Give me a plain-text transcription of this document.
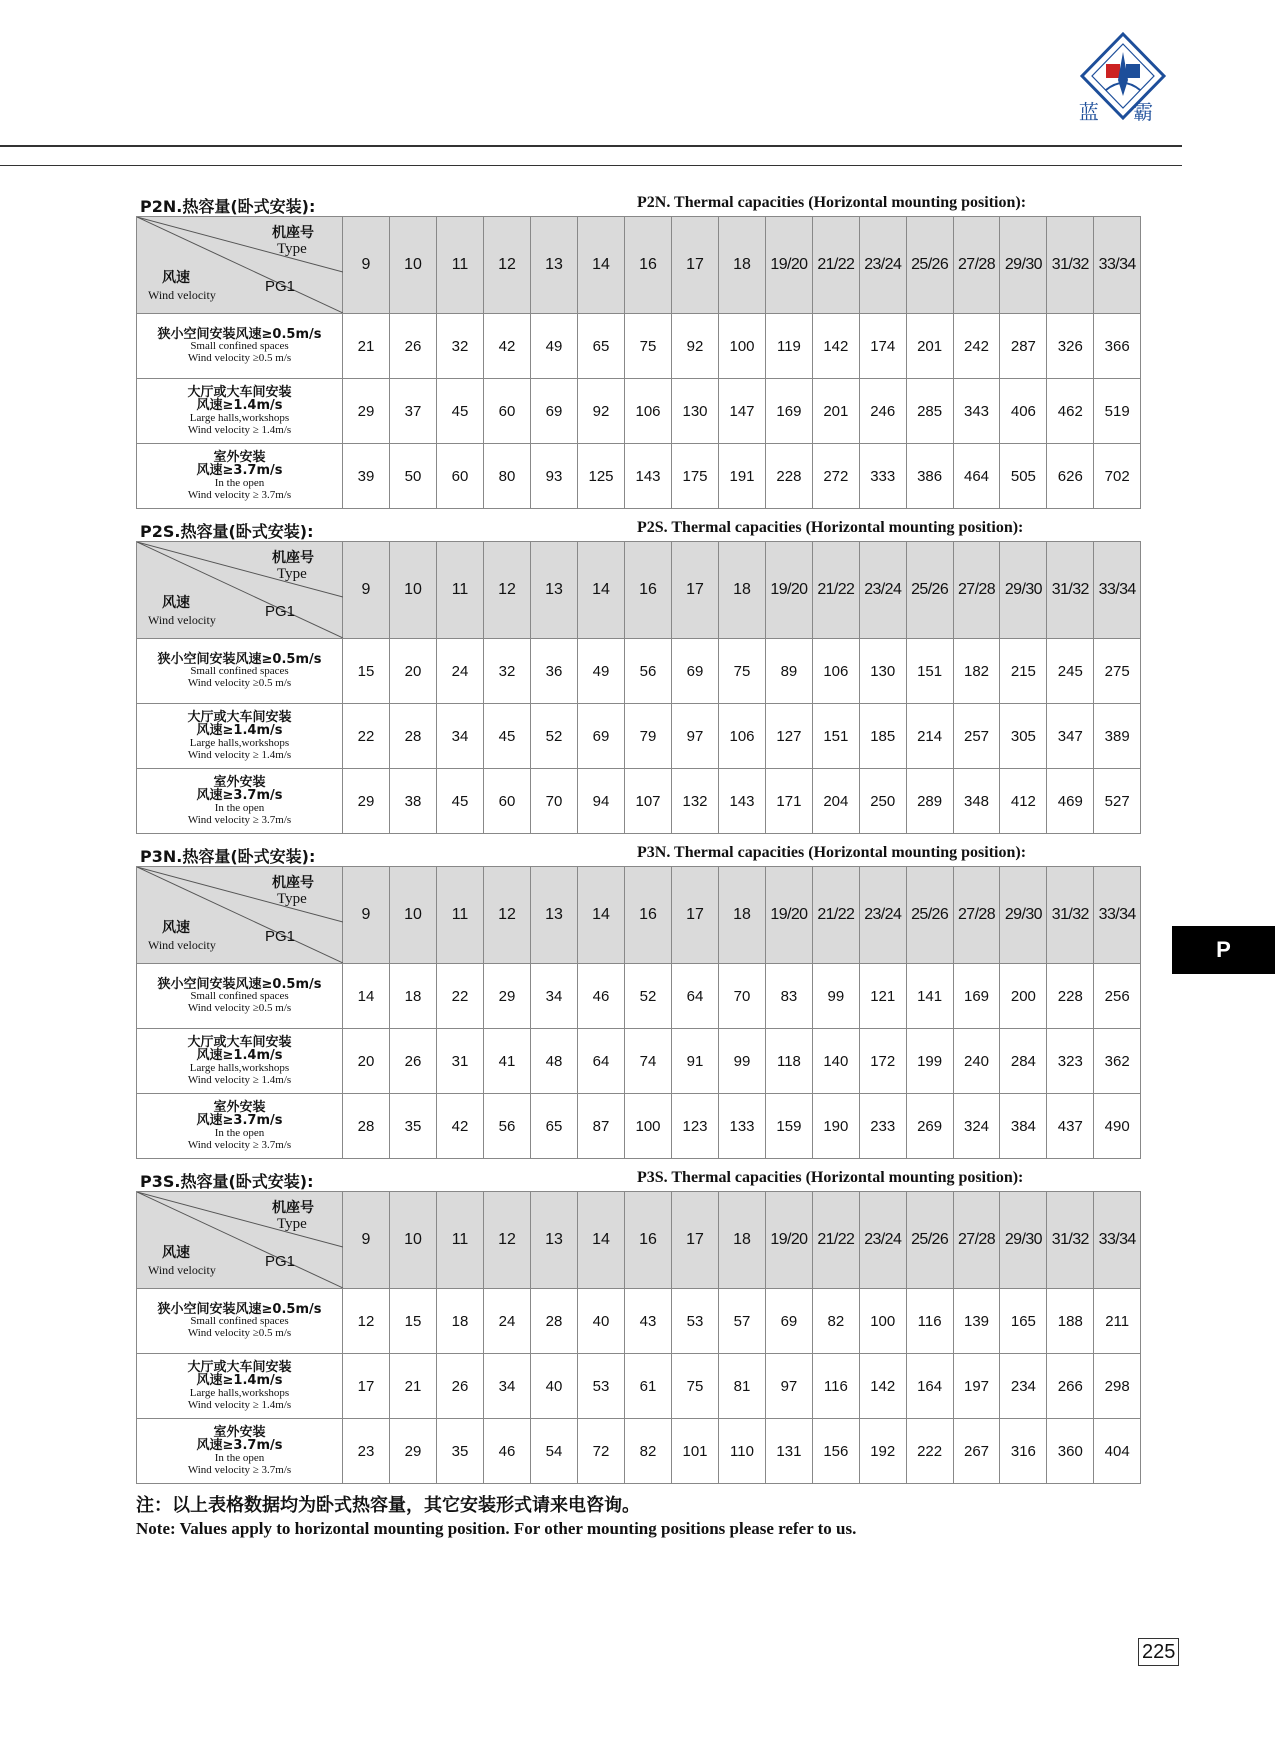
蓝 霸
P2N.热容量(卧式安装):	P2N. Thermal capacities (Horizontal mounting position):
机座号
Type
风速
Wind velocity PG1	9	10	11	12	13	14	16	17	18	19/20	21/22	23/24	25/26	27/28	29/30	31/32	33/34

狭小空间安装风速≥0.5m/s
Small confined spaces
Wind velocity ≥0.5 m/s	21	26	32	42	49	65	75	92	100	119	142	174	201	242	287	326	366

大厅或大车间安装
风速≥1.4m/s
Large halls,workshops
Wind velocity ≥ 1.4m/s	29	37	45	60	69	92	106	130	147	169	201	246	285	343	406	462	519

室外安装
风速≥3.7m/s
In the open
Wind velocity ≥ 3.7m/s	39	50	60	80	93	125	143	175	191	228	272	333	386	464	505	626	702
P2S.热容量(卧式安装):	P2S. Thermal capacities (Horizontal mounting position):
机座号
Type
风速
Wind velocity PG1	9	10	11	12	13	14	16	17	18	19/20	21/22	23/24	25/26	27/28	29/30	31/32	33/34

狭小空间安装风速≥0.5m/s
Small confined spaces
Wind velocity ≥0.5 m/s	15	20	24	32	36	49	56	69	75	89	106	130	151	182	215	245	275

大厅或大车间安装
风速≥1.4m/s
Large halls,workshops
Wind velocity ≥ 1.4m/s	22	28	34	45	52	69	79	97	106	127	151	185	214	257	305	347	389

室外安装
风速≥3.7m/s
In the open
Wind velocity ≥ 3.7m/s	29	38	45	60	70	94	107	132	143	171	204	250	289	348	412	469	527
P3N.热容量(卧式安装):	P3N. Thermal capacities (Horizontal mounting position):
机座号
Type
风速
Wind velocity PG1	9	10	11	12	13	14	16	17	18	19/20	21/22	23/24	25/26	27/28	29/30	31/32	33/34

狭小空间安装风速≥0.5m/s
Small confined spaces
Wind velocity ≥0.5 m/s	14	18	22	29	34	46	52	64	70	83	99	121	141	169	200	228	256

大厅或大车间安装
风速≥1.4m/s
Large halls,workshops
Wind velocity ≥ 1.4m/s	20	26	31	41	48	64	74	91	99	118	140	172	199	240	284	323	362

室外安装
风速≥3.7m/s
In the open
Wind velocity ≥ 3.7m/s	28	35	42	56	65	87	100	123	133	159	190	233	269	324	384	437	490
P3S.热容量(卧式安装):	P3S. Thermal capacities (Horizontal mounting position):
机座号
Type
风速
Wind velocity PG1	9	10	11	12	13	14	16	17	18	19/20	21/22	23/24	25/26	27/28	29/30	31/32	33/34

狭小空间安装风速≥0.5m/s
Small confined spaces
Wind velocity ≥0.5 m/s	12	15	18	24	28	40	43	53	57	69	82	100	116	139	165	188	211

大厅或大车间安装
风速≥1.4m/s
Large halls,workshops
Wind velocity ≥ 1.4m/s	17	21	26	34	40	53	61	75	81	97	116	142	164	197	234	266	298

室外安装
风速≥3.7m/s
In the open
Wind velocity ≥ 3.7m/s	23	29	35	46	54	72	82	101	110	131	156	192	222	267	316	360	404
注：以上表格数据均为卧式热容量，其它安装形式请来电咨询。
Note: Values apply to horizontal mounting position. For other mounting positions please refer to us.
P
225
